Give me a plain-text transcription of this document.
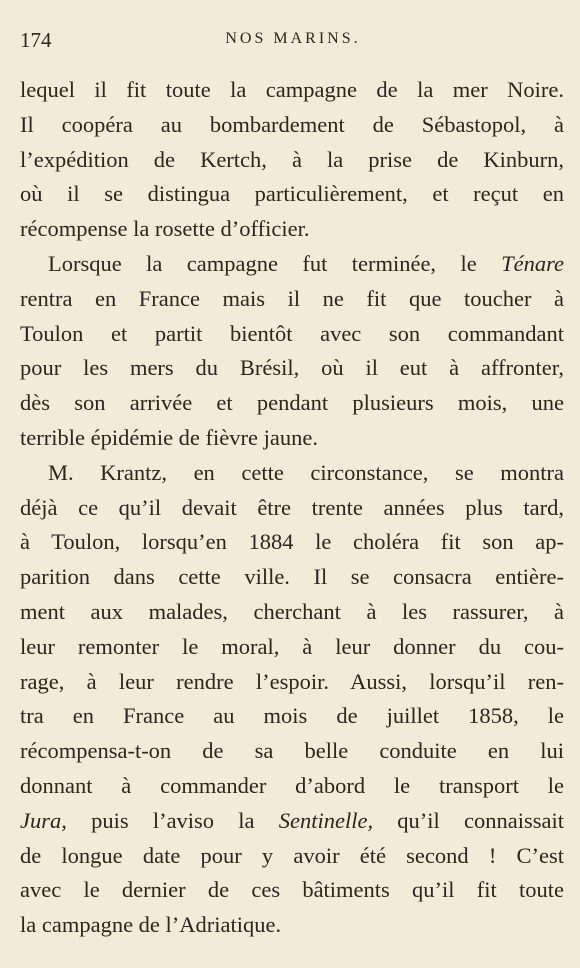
174	NOS MARINS.
lequel il fit toute la campagne de la mer Noire.
Il coopéra au bombardement de Sébastopol, à
l’expédition de Kertch, à la prise de Kinburn,
où il se distingua particulièrement, et reçut en
récompense la rosette d’officier.
Lorsque la campagne fut terminée, le Ténare
rentra en France mais il ne fit que toucher à
Toulon et partit bientôt avec son commandant
pour les mers du Brésil, où il eut à affronter,
dès son arrivée et pendant plusieurs mois, une
terrible épidémie de fièvre jaune.
M. Krantz, en cette circonstance, se montra
déjà ce qu’il devait être trente années plus tard,
à Toulon, lorsqu’en 1884 le choléra fit son ap-
parition dans cette ville. Il se consacra entière-
ment aux malades, cherchant à les rassurer, à
leur remonter le moral, à leur donner du cou-
rage, à leur rendre l’espoir. Aussi, lorsqu’il ren-
tra en France au mois de juillet 1858, le
récompensa-t-on de sa belle conduite en lui
donnant à commander d’abord le transport le
Jura, puis l’aviso la Sentinelle, qu’il connaissait
de longue date pour y avoir été second ! C’est
avec le dernier de ces bâtiments qu’il fit toute
la campagne de l’Adriatique.
